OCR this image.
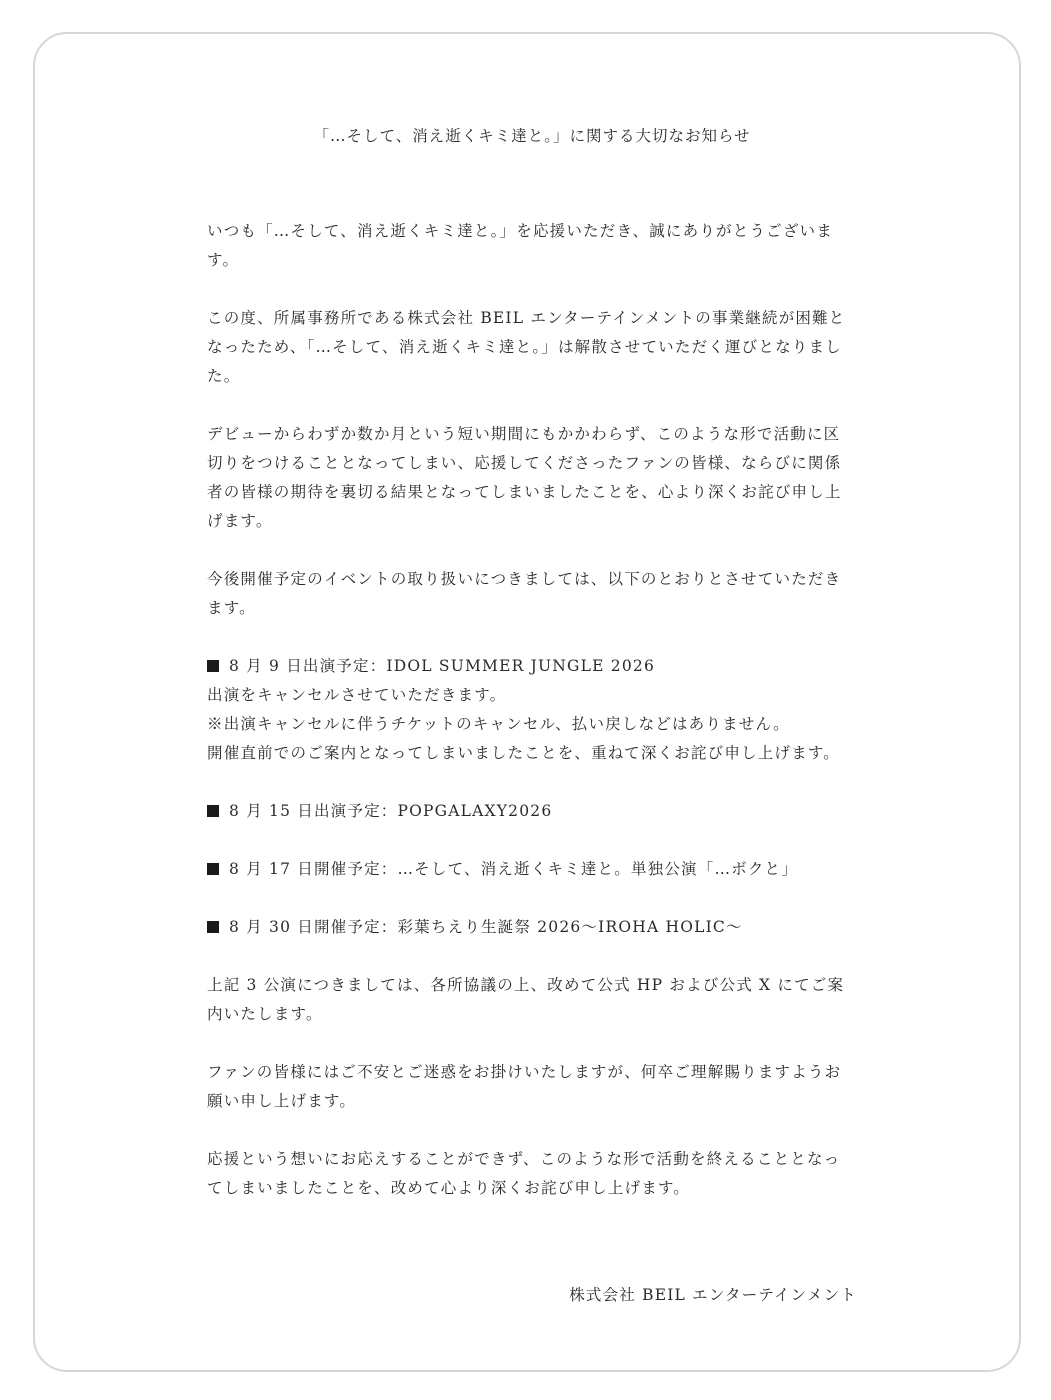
「…そして、消え逝くキミ達と。」に関する大切なお知らせ

いつも「…そして、消え逝くキミ達と。」を応援いただき、誠にありがとうございます。

この度、所属事務所である株式会社 BEIL エンターテインメントの事業継続が困難となったため、「…そして、消え逝くキミ達と。」は解散させていただく運びとなりました。

デビューからわずか数か月という短い期間にもかかわらず、このような形で活動に区切りをつけることとなってしまい、応援してくださったファンの皆様、ならびに関係者の皆様の期待を裏切る結果となってしまいましたことを、心より深くお詫び申し上げます。

今後開催予定のイベントの取り扱いにつきましては、以下のとおりとさせていただきます。

8 月 9 日出演予定：IDOL SUMMER JUNGLE 2026

出演をキャンセルさせていただきます。

※出演キャンセルに伴うチケットのキャンセル、払い戻しなどはありません。

開催直前でのご案内となってしまいましたことを、重ねて深くお詫び申し上げます。

8 月 15 日出演予定：POPGALAXY2026

8 月 17 日開催予定：…そして、消え逝くキミ達と。単独公演「…ボクと」

8 月 30 日開催予定：彩葉ちえり生誕祭 2026〜IROHA HOLIC〜

上記 3 公演につきましては、各所協議の上、改めて公式 HP および公式 X にてご案内いたします。

ファンの皆様にはご不安とご迷惑をお掛けいたしますが、何卒ご理解賜りますようお願い申し上げます。

応援という想いにお応えすることができず、このような形で活動を終えることとなってしまいましたことを、改めて心より深くお詫び申し上げます。

株式会社 BEIL エンターテインメント
